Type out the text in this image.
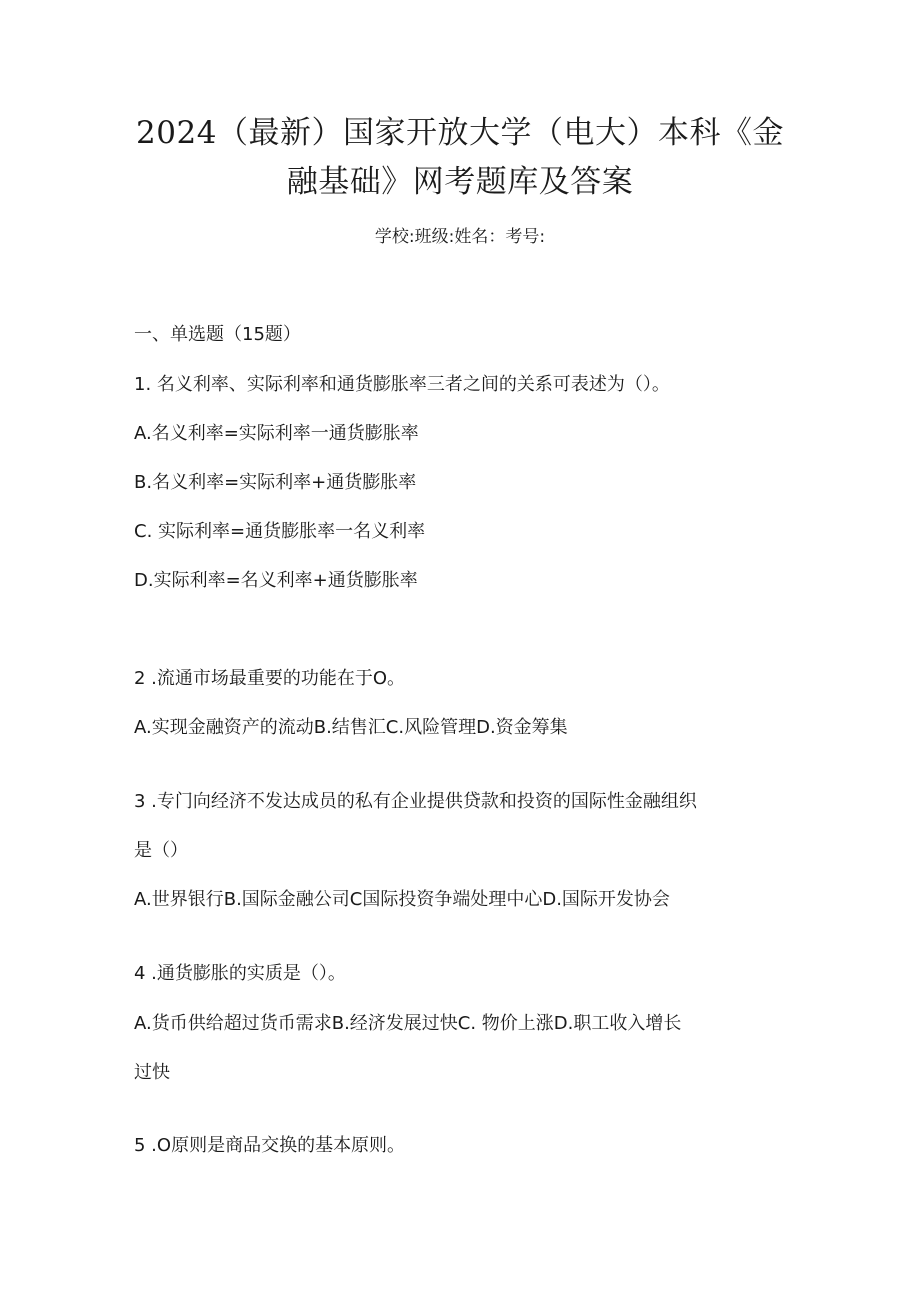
2024（最新）国家开放大学（电大）本科《金
融基础》网考题库及答案
学校:班级:姓名：考号:
一、单选题（15题）
1. 名义利率、实际利率和通货膨胀率三者之间的关系可表述为（）。
A.名义利率=实际利率一通货膨胀率
B.名义利率=实际利率+通货膨胀率
C. 实际利率=通货膨胀率一名义利率
D.实际利率=名义利率+通货膨胀率
2 .流通市场最重要的功能在于O。
A.实现金融资产的流动B.结售汇C.风险管理D.资金筹集
3 .专门向经济不发达成员的私有企业提供贷款和投资的国际性金融组织
是（）
A.世界银行B.国际金融公司C国际投资争端处理中心D.国际开发协会
4 .通货膨胀的实质是（）。
A.货币供给超过货币需求B.经济发展过快C. 物价上涨D.职工收入增长
过快
5 .O原则是商品交换的基本原则。
